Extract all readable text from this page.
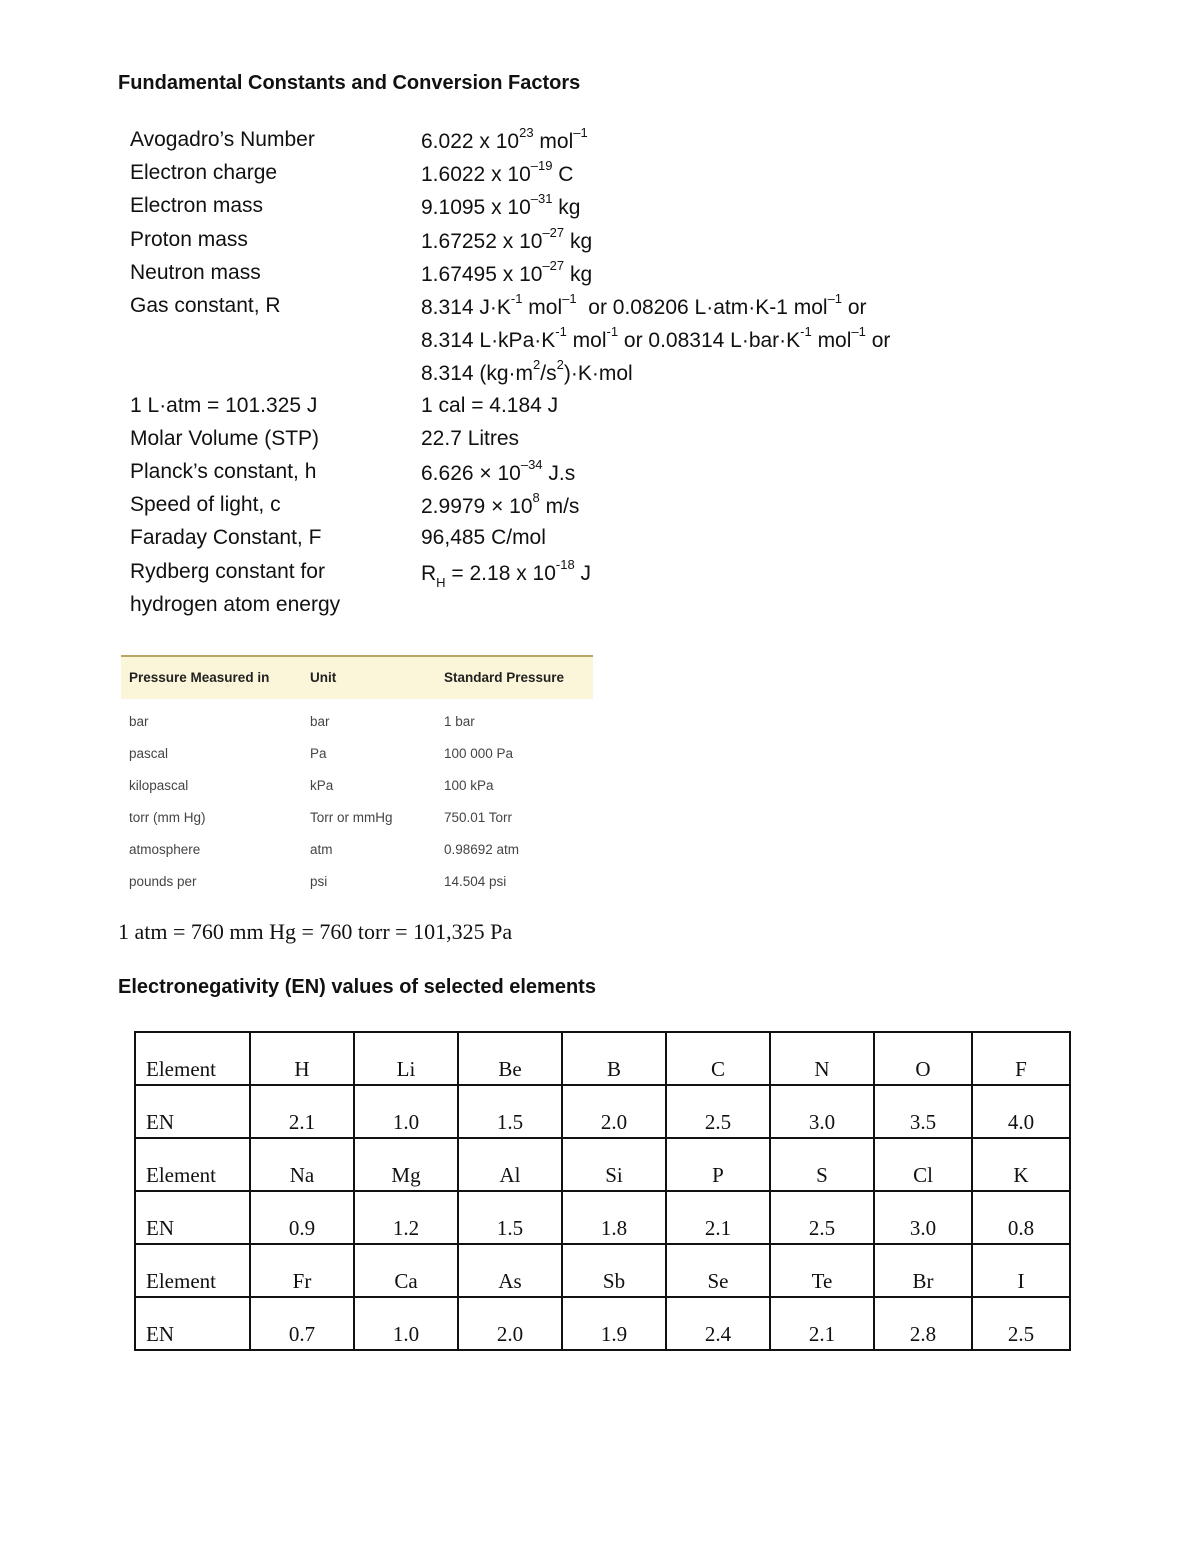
Fundamental Constants and Conversion Factors
Avogadro’s Number	6.022 x $10^{23}$ mol$^{-1}$
Electron charge	1.6022 x $10^{-19}$ C
Electron mass	9.1095 x $10^{-31}$ kg
Proton mass	1.67252 x $10^{-27}$ kg
Neutron mass	1.67495 x $10^{-27}$ kg
Gas constant, R	8.314 $J\cdot K^{-1}$ mol$^{-1}$  or 0.08206 L·atm·K-1 mol$^{-1}$ or
8.314 $L\cdot kPa\cdot K^{-1}$ mol$^{-1}$ or 0.08314 $L\cdot bar\cdot K^{-1}$ mol$^{-1}$ or
8.314 $(kg\cdot m^2/s^2)\cdot K\cdot mol$
1 L·atm = 101.325 J	1 cal = 4.184 J
Molar Volume (STP)	22.7 Litres
Planck’s constant, h	$6.626 \times 10^{-34}$ J.s
Speed of light, c	$2.9979 \times 10^8$ m/s
Faraday Constant, F	96,485 C/mol
Rydberg constant for	$R_H = 2.18$ x $10^{-18}$ J
hydrogen atom energy
Pressure Measured in	Unit	Standard Pressure
bar	bar	1 bar
pascal	Pa	100 000 Pa
kilopascal	kPa	100 kPa
torr (mm Hg)	Torr or mmHg	750.01 Torr
atmosphere	atm	0.98692 atm
pounds per	psi	14.504 psi
1 atm = 760 mm Hg = 760 torr = 101,325 Pa
Electronegativity (EN) values of selected elements
Element	H	Li	Be	B	C	N	O	F
EN	2.1	1.0	1.5	2.0	2.5	3.0	3.5	4.0
Element	Na	Mg	Al	Si	P	S	Cl	K
EN	0.9	1.2	1.5	1.8	2.1	2.5	3.0	0.8
Element	Fr	Ca	As	Sb	Se	Te	Br	I
EN	0.7	1.0	2.0	1.9	2.4	2.1	2.8	2.5
